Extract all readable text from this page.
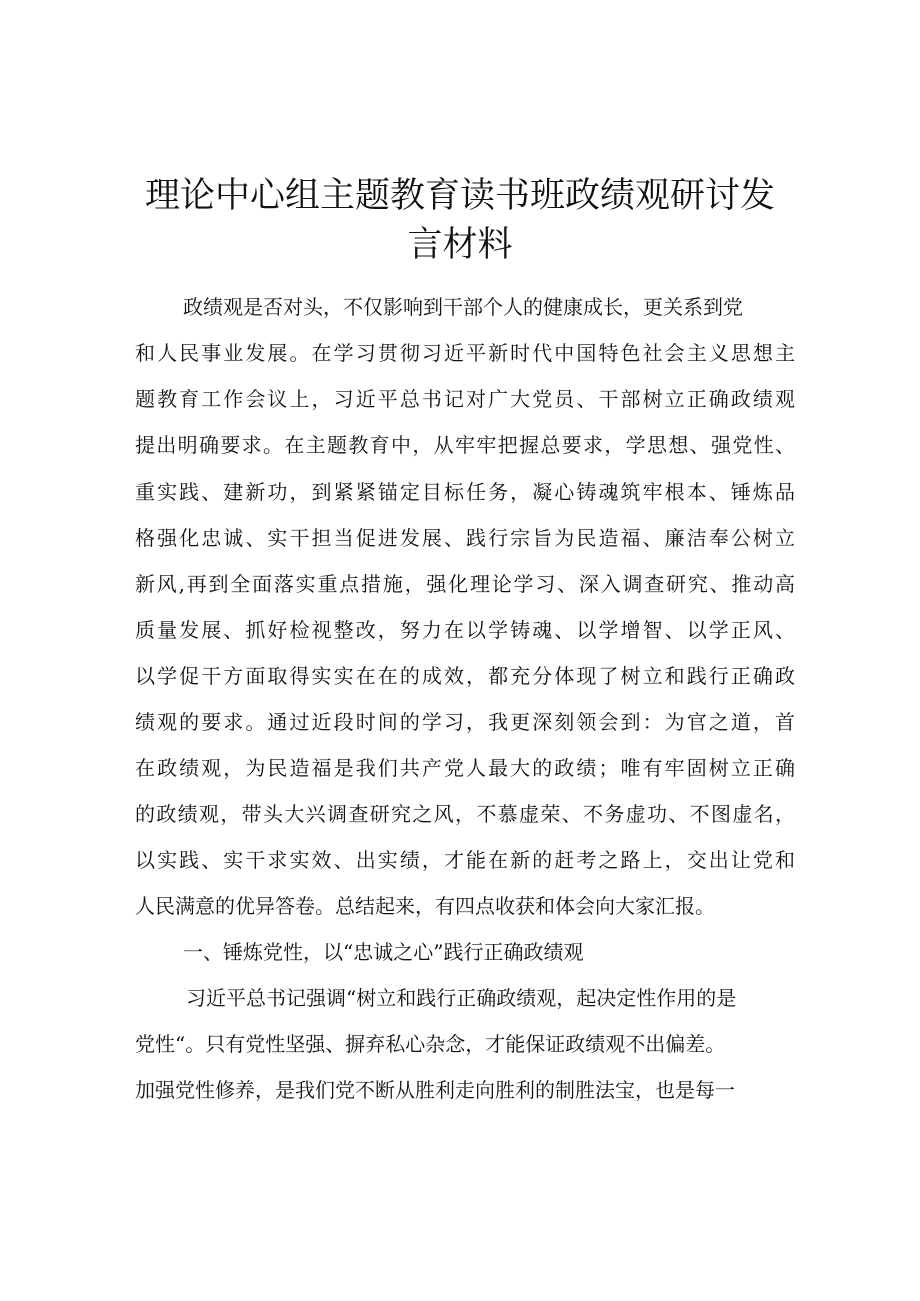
理论中心组主题教育读书班政绩观研讨发
言材料
政绩观是否对头，不仅影响到干部个人的健康成长，更关系到党
和人民事业发展。在学习贯彻习近平新时代中国特色社会主义思想主
题教育工作会议上，习近平总书记对广大党员、干部树立正确政绩观
提出明确要求。在主题教育中，从牢牢把握总要求，学思想、强党性、
重实践、建新功，到紧紧锚定目标任务，凝心铸魂筑牢根本、锤炼品
格强化忠诚、实干担当促进发展、践行宗旨为民造福、廉洁奉公树立
新风,再到全面落实重点措施，强化理论学习、深入调查研究、推动高
质量发展、抓好检视整改，努力在以学铸魂、以学增智、以学正风、
以学促干方面取得实实在在的成效，都充分体现了树立和践行正确政
绩观的要求。通过近段时间的学习，我更深刻领会到：为官之道，首
在政绩观，为民造福是我们共产党人最大的政绩；唯有牢固树立正确
的政绩观，带头大兴调查研究之风，不慕虚荣、不务虚功、不图虚名，
以实践、实干求实效、出实绩，才能在新的赶考之路上，交出让党和
人民满意的优异答卷。总结起来，有四点收获和体会向大家汇报。
一、锤炼党性，以“忠诚之心”践行正确政绩观
习近平总书记强调“树立和践行正确政绩观，起决定性作用的是
党性“。只有党性坚强、摒弃私心杂念，才能保证政绩观不出偏差。
加强党性修养，是我们党不断从胜利走向胜利的制胜法宝，也是每一
